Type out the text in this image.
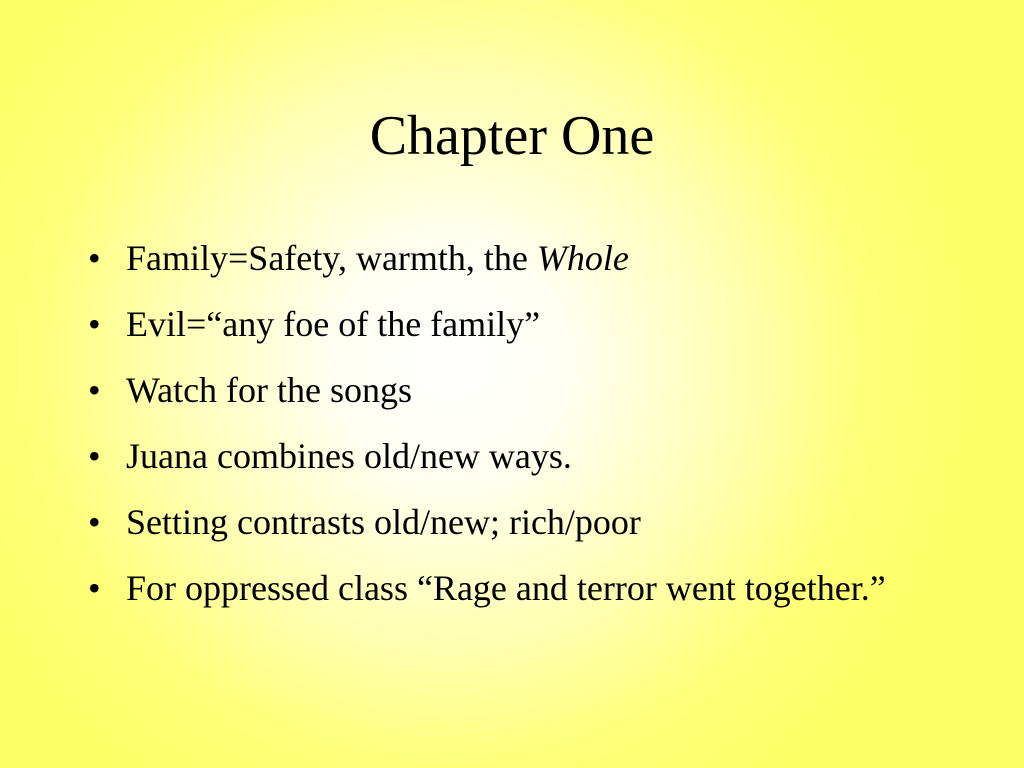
Chapter One
• Family=Safety, warmth, the Whole
• Evil=“any foe of the family”
• Watch for the songs
• Juana combines old/new ways.
• Setting contrasts old/new; rich/poor
• For oppressed class “Rage and terror went together.”
